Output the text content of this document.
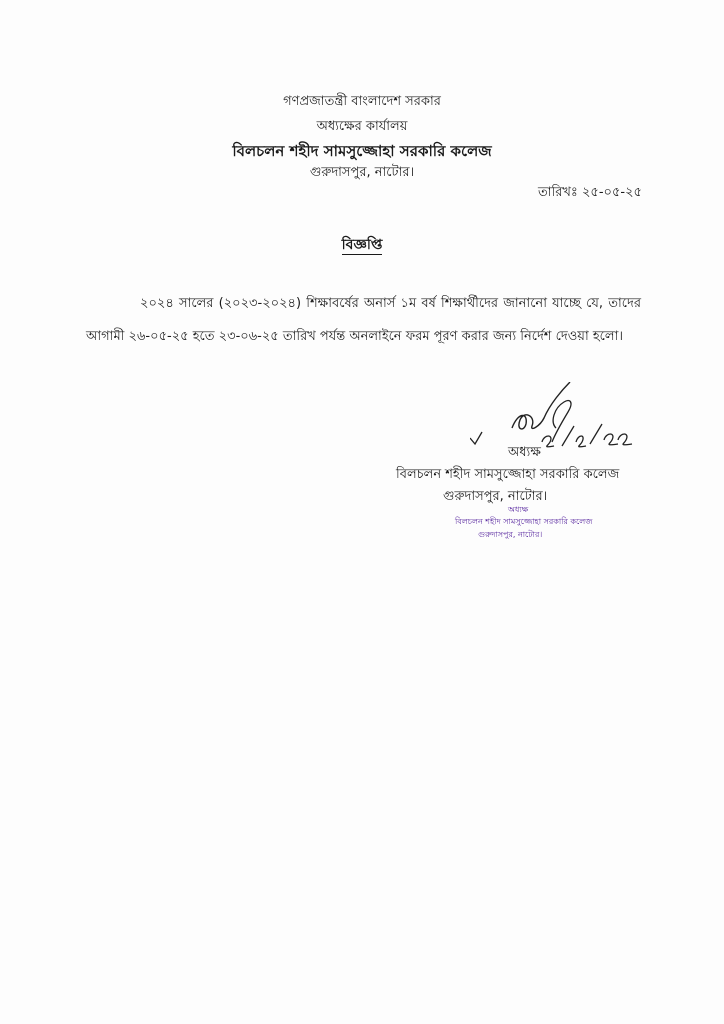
গণপ্রজাতন্ত্রী বাংলাদেশ সরকার
অধ্যক্ষের কার্যালয়
বিলচলন শহীদ সামসুজ্জোহা সরকারি কলেজ
গুরুদাসপুর, নাটোর।
তারিখঃ ২৫-০৫-২৫
বিজ্ঞপ্তি
২০২৪ সালের (২০২৩-২০২৪) শিক্ষাবর্ষের অনার্স ১ম বর্ষ শিক্ষার্থীদের জানানো যাচ্ছে যে, তাদের আগামী ২৬-০৫-২৫ হতে ২৩-০৬-২৫ তারিখ পর্যন্ত অনলাইনে ফরম পূরণ করার জন্য নির্দেশ দেওয়া হলো।
অধ্যক্ষ
বিলচলন শহীদ সামসুজ্জোহা সরকারি কলেজ
গুরুদাসপুর, নাটোর।
অধ্যক্ষ
বিলচলন শহীদ সামসুজ্জোহা সরকারি কলেজ
গুরুদাসপুর, নাটোর।
